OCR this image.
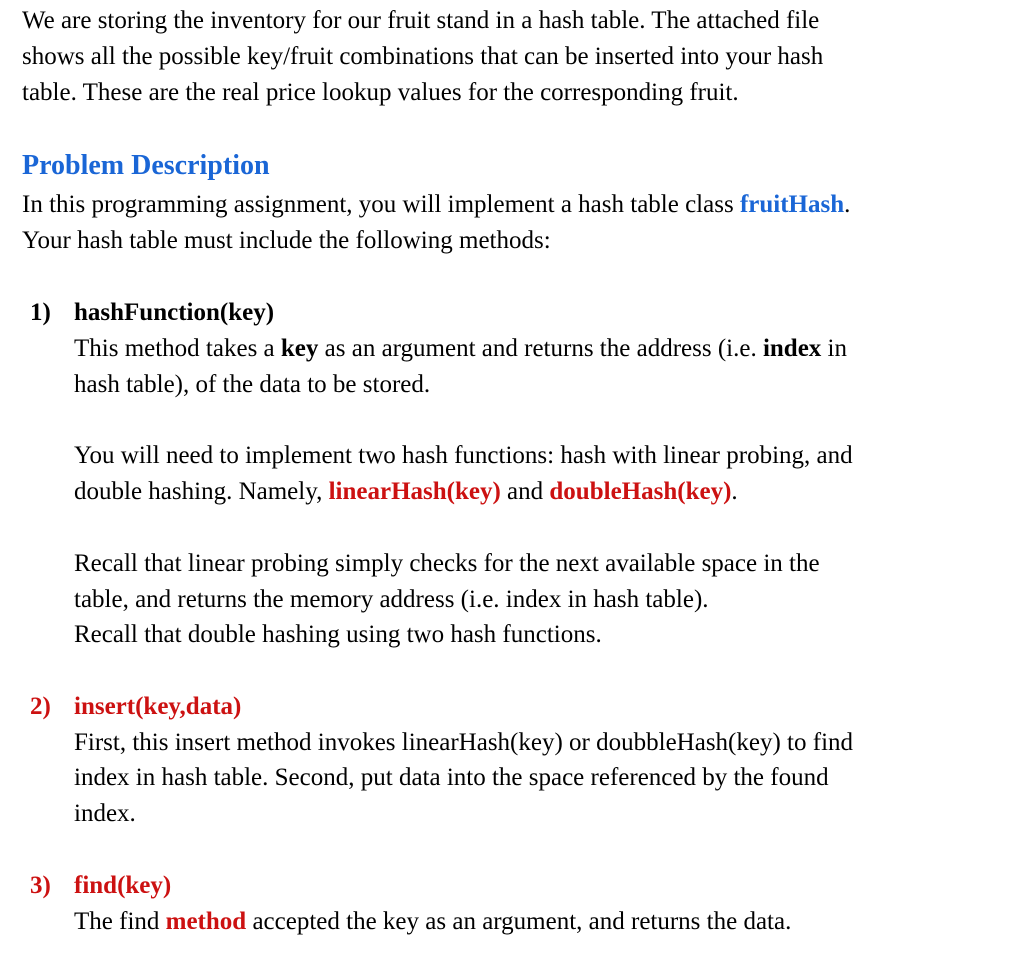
We are storing the inventory for our fruit stand in a hash table. The attached file
shows all the possible key/fruit combinations that can be inserted into your hash
table. These are the real price lookup values for the corresponding fruit.
Problem Description
In this programming assignment, you will implement a hash table class fruitHash.
Your hash table must include the following methods:
1) hashFunction(key)
This method takes a key as an argument and returns the address (i.e. index in
hash table), of the data to be stored.
You will need to implement two hash functions: hash with linear probing, and
double hashing. Namely, linearHash(key) and doubleHash(key).
Recall that linear probing simply checks for the next available space in the
table, and returns the memory address (i.e. index in hash table).
Recall that double hashing using two hash functions.
2) insert(key,data)
First, this insert method invokes linearHash(key) or doubbleHash(key) to find
index in hash table. Second, put data into the space referenced by the found
index.
3) find(key)
The find method accepted the key as an argument, and returns the data.
